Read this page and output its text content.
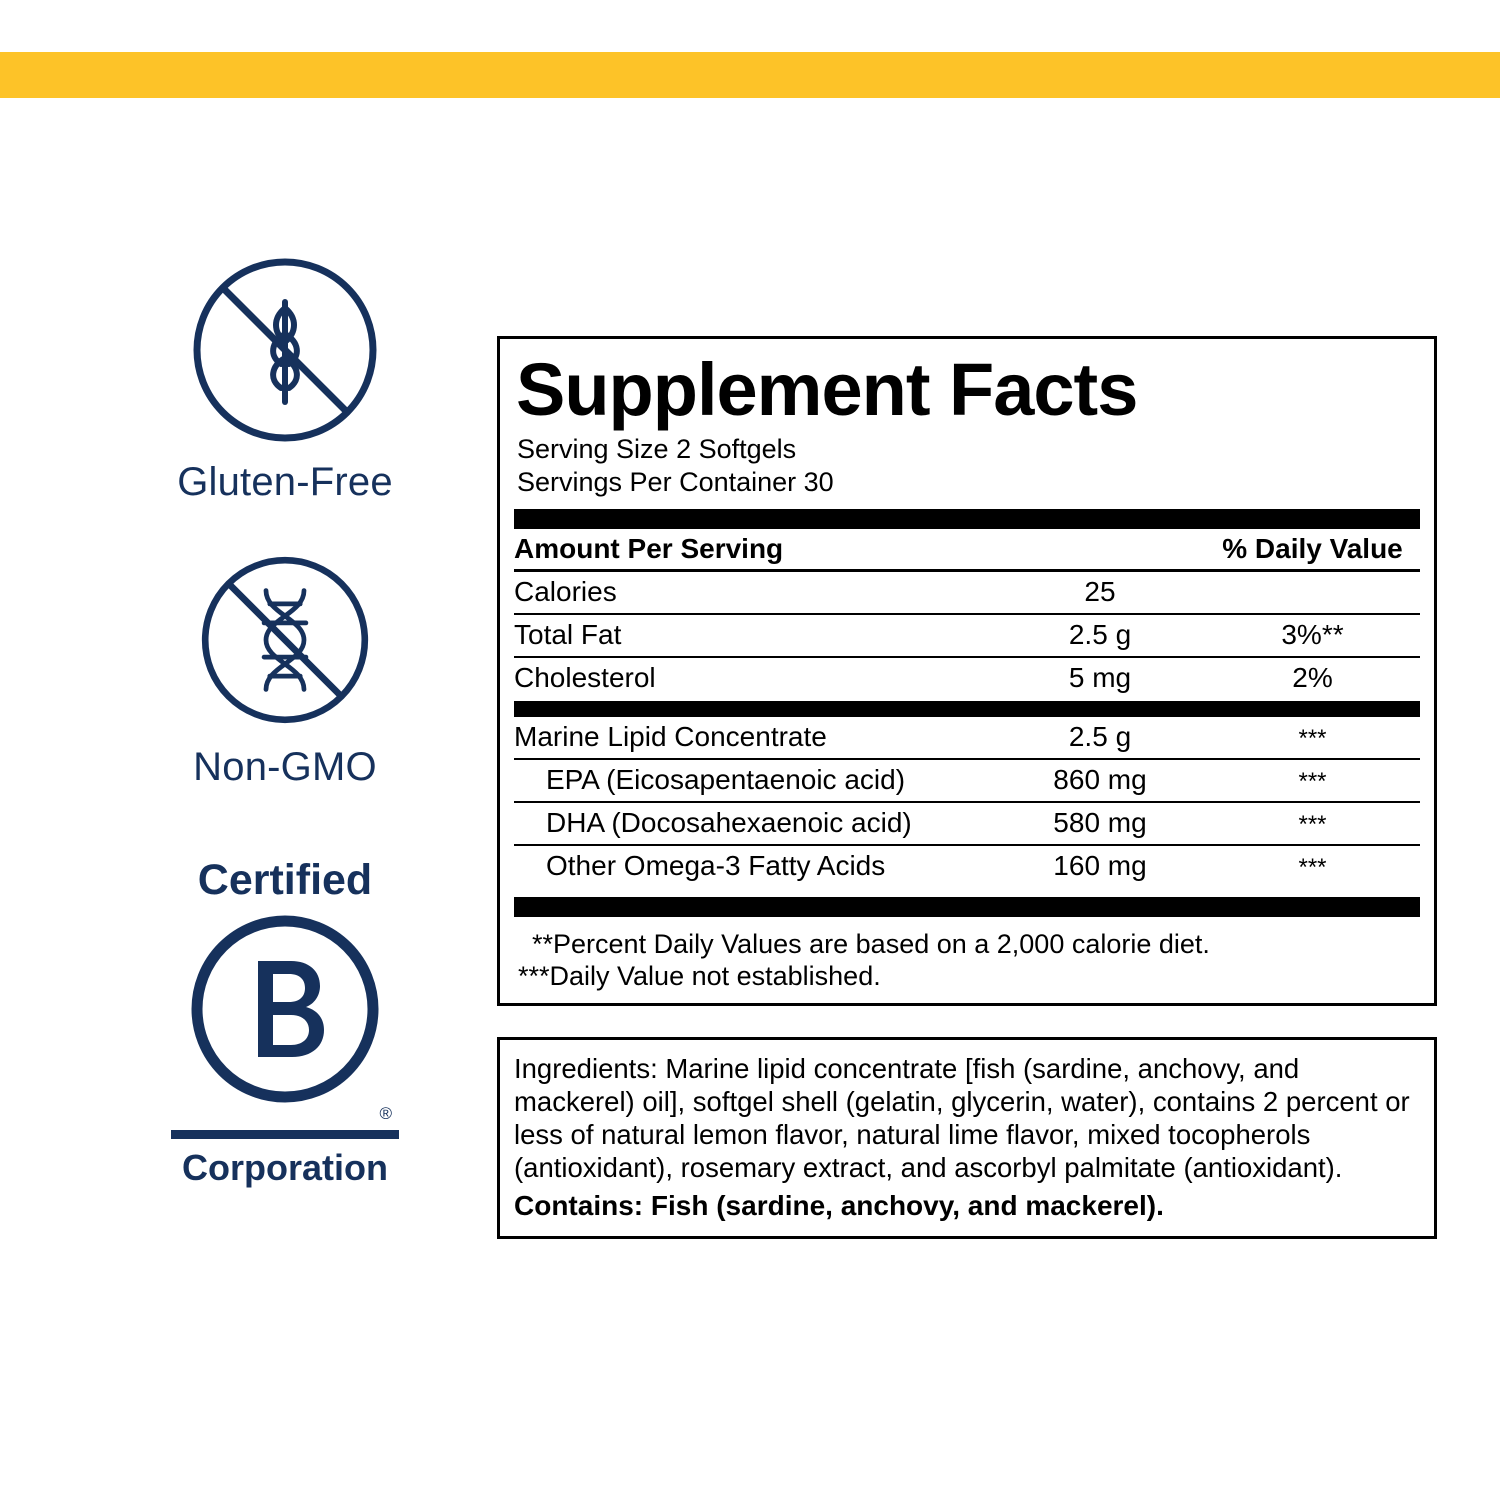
Gluten-Free
Non-GMO
Certified
®
Corporation
Supplement Facts
Serving Size 2 Softgels
Servings Per Container 30
Amount Per Serving		% Daily Value
Calories	25	
Total Fat	2.5 g	3%**
Cholesterol	5 mg	2%
Marine Lipid Concentrate	2.5 g	***
EPA (Eicosapentaenoic acid)	860 mg	***
DHA (Docosahexaenoic acid)	580 mg	***
Other Omega-3 Fatty Acids	160 mg	***
**Percent Daily Values are based on a 2,000 calorie diet.
***Daily Value not established.
Ingredients: Marine lipid concentrate [fish (sardine, anchovy, and mackerel) oil], softgel shell (gelatin, glycerin, water), contains 2 percent or less of natural lemon flavor, natural lime flavor, mixed tocopherols (antioxidant), rosemary extract, and ascorbyl palmitate (antioxidant).
Contains: Fish (sardine, anchovy, and mackerel).
